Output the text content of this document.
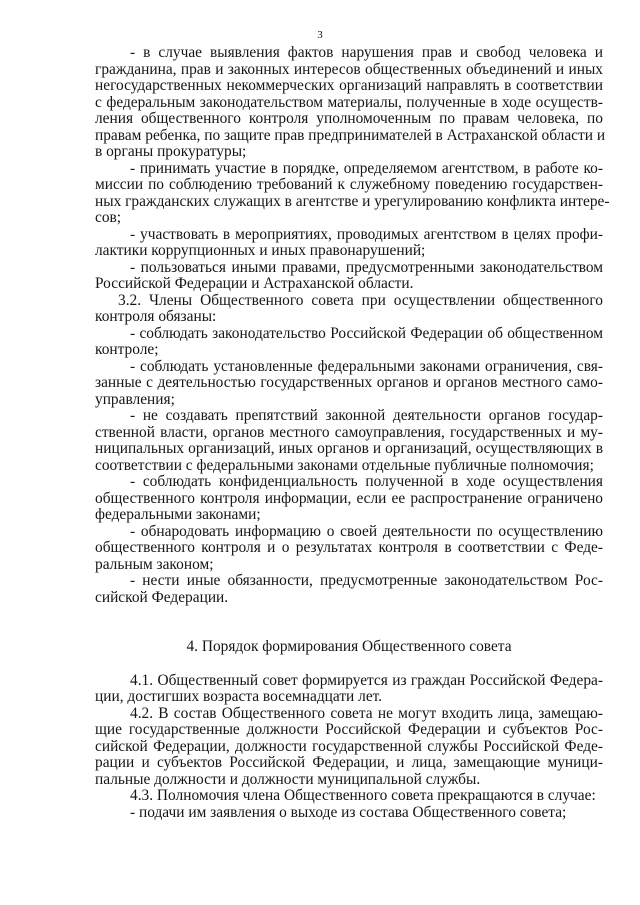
3
- в случае выявления фактов нарушения прав и свобод человека и
гражданина, прав и законных интересов общественных объединений и иных
негосударственных некоммерческих организаций направлять в соответствии
с федеральным законодательством материалы, полученные в ходе осуществ-
ления общественного контроля уполномоченным по правам человека, по
правам ребенка, по защите прав предпринимателей в Астраханской области и
в органы прокуратуры;
- принимать участие в порядке, определяемом агентством, в работе ко-
миссии по соблюдению требований к служебному поведению государствен-
ных гражданских служащих в агентстве и урегулированию конфликта интере-
сов;
- участвовать в мероприятиях, проводимых агентством в целях профи-
лактики коррупционных и иных правонарушений;
- пользоваться иными правами, предусмотренными законодательством
Российской Федерации и Астраханской области.
3.2. Члены Общественного совета при осуществлении общественного
контроля обязаны:
- соблюдать законодательство Российской Федерации об общественном
контроле;
- соблюдать установленные федеральными законами ограничения, свя-
занные с деятельностью государственных органов и органов местного само-
управления;
- не создавать препятствий законной деятельности органов государ-
ственной власти, органов местного самоуправления, государственных и му-
ниципальных организаций, иных органов и организаций, осуществляющих в
соответствии с федеральными законами отдельные публичные полномочия;
- соблюдать конфиденциальность полученной в ходе осуществления
общественного контроля информации, если ее распространение ограничено
федеральными законами;
- обнародовать информацию о своей деятельности по осуществлению
общественного контроля и о результатах контроля в соответствии с Феде-
ральным законом;
- нести иные обязанности, предусмотренные законодательством Рос-
сийской Федерации.
4. Порядок формирования Общественного совета
4.1. Общественный совет формируется из граждан Российской Федера-
ции, достигших возраста восемнадцати лет.
4.2. В состав Общественного совета не могут входить лица, замещаю-
щие государственные должности Российской Федерации и субъектов Рос-
сийской Федерации, должности государственной службы Российской Феде-
рации и субъектов Российской Федерации, и лица, замещающие муници-
пальные должности и должности муниципальной службы.
4.3. Полномочия члена Общественного совета прекращаются в случае:
- подачи им заявления о выходе из состава Общественного совета;
